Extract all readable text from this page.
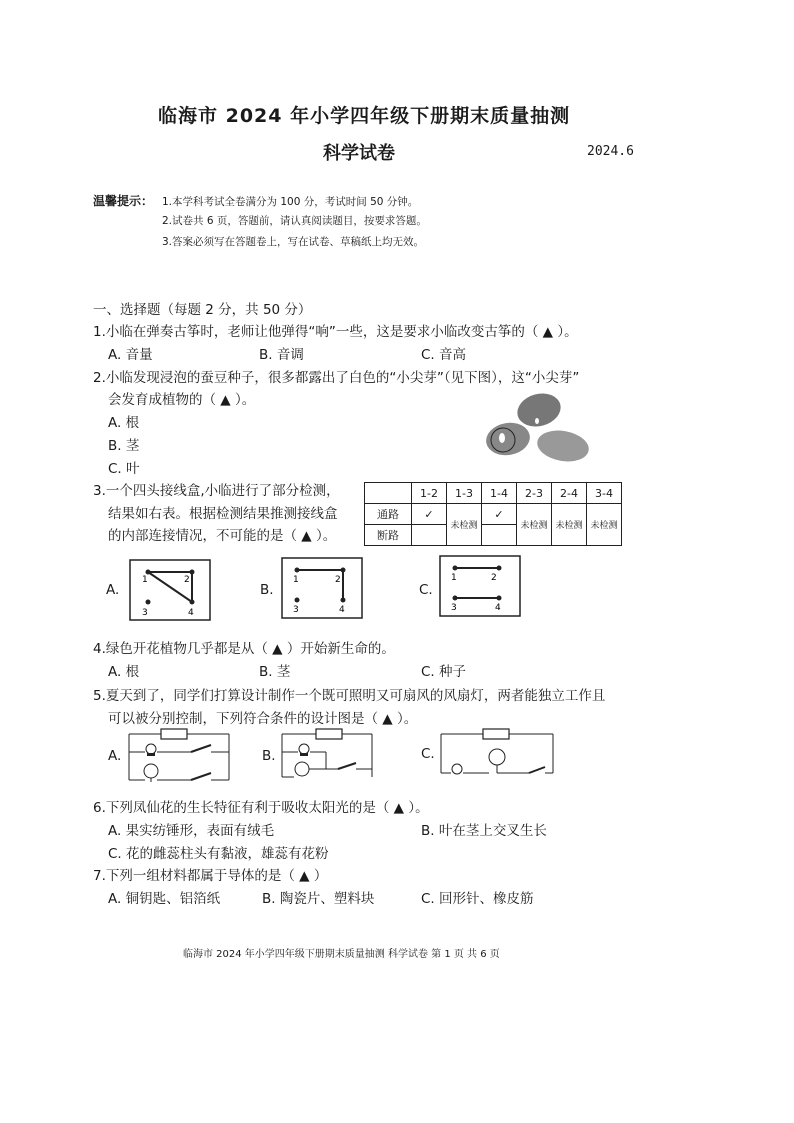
临海市 2024 年小学四年级下册期末质量抽测
科学试卷	2024.6
温馨提示： 1.本学科考试全卷满分为 100 分，考试时间 50 分钟。
2.试卷共 6 页，答题前，请认真阅读题目，按要求答题。
3.答案必须写在答题卷上，写在试卷、草稿纸上均无效。
一、选择题（每题 2 分，共 50 分）
1.小临在弹奏古筝时，老师让他弹得“响”一些，这是要求小临改变古筝的（ ▲ ）。
A. 音量	B. 音调	C. 音高
2.小临发现浸泡的蚕豆种子，很多都露出了白色的“小尖芽”（见下图），这“小尖芽”
会发育成植物的（ ▲ ）。
A. 根
B. 茎
C. 叶
3.一个四头接线盒,小临进行了部分检测，
结果如右表。根据检测结果推测接线盒
的内部连接情况，不可能的是（ ▲ ）。
	1-2	1-3	1-4	2-3	2-4	3-4
通路	✓	未检测	✓	未检测	未检测	未检测
断路						
A.
1	2
3	4
B.
1	2
3	4
C.
1	2
3	4
4.绿色开花植物几乎都是从（ ▲ ）开始新生命的。
A. 根	B. 茎	C. 种子
5.夏天到了，同学们打算设计制作一个既可照明又可扇风的风扇灯，两者能独立工作且
可以被分别控制，下列符合条件的设计图是（ ▲ ）。
A.	B.	C.
6.下列凤仙花的生长特征有利于吸收太阳光的是（ ▲ ）。
A. 果实纺锤形，表面有绒毛	B. 叶在茎上交叉生长
C. 花的雌蕊柱头有黏液，雄蕊有花粉
7.下列一组材料都属于导体的是（ ▲ ）
A. 铜钥匙、铝箔纸	B. 陶瓷片、塑料块	C. 回形针、橡皮筋
临海市 2024 年小学四年级下册期末质量抽测 科学试卷 第 1 页 共 6 页
